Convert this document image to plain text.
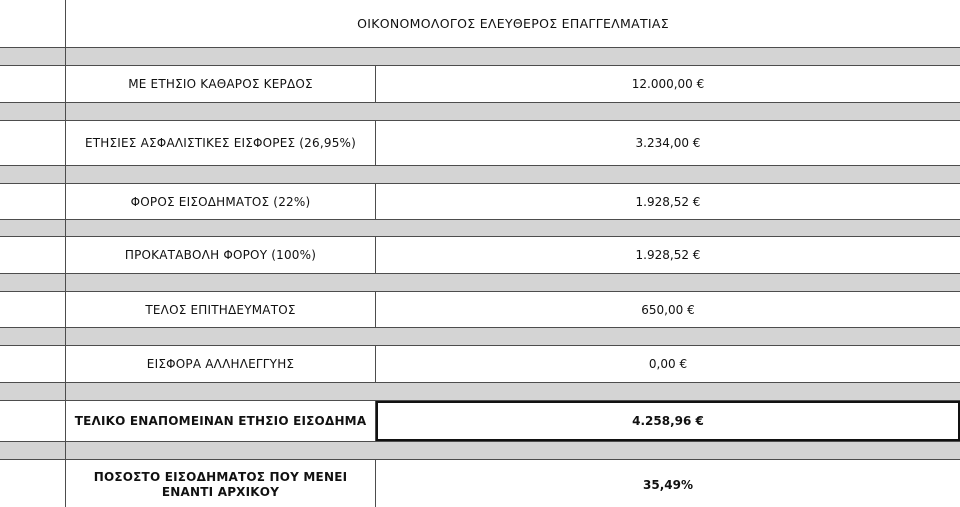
ΟΙΚΟΝΟΜΟΛΟΓΟΣ ΕΛΕΥΘΕΡΟΣ ΕΠΑΓΓΕΛΜΑΤΙΑΣ
ΜΕ ΕΤΗΣΙΟ ΚΑΘΑΡΟΣ ΚΕΡΔΟΣ	12.000,00 €
ΕΤΗΣΙΕΣ ΑΣΦΑΛΙΣΤΙΚΕΣ ΕΙΣΦΟΡΕΣ (26,95%)	3.234,00 €
ΦΟΡΟΣ ΕΙΣΟΔΗΜΑΤΟΣ (22%)	1.928,52 €
ΠΡΟΚΑΤΑΒΟΛΗ ΦΟΡΟΥ (100%)	1.928,52 €
ΤΕΛΟΣ ΕΠΙΤΗΔΕΥΜΑΤΟΣ	650,00 €
ΕΙΣΦΟΡΑ ΑΛΛΗΛΕΓΓΥΗΣ	0,00 €
ΤΕΛΙΚΟ ΕΝΑΠΟΜΕΙΝΑΝ ΕΤΗΣΙΟ ΕΙΣΟΔΗΜΑ	4.258,96 €
ΠΟΣΟΣΤΟ ΕΙΣΟΔΗΜΑΤΟΣ ΠΟΥ ΜΕΝΕΙ ΕΝΑΝΤΙ ΑΡΧΙΚΟΥ	35,49%
